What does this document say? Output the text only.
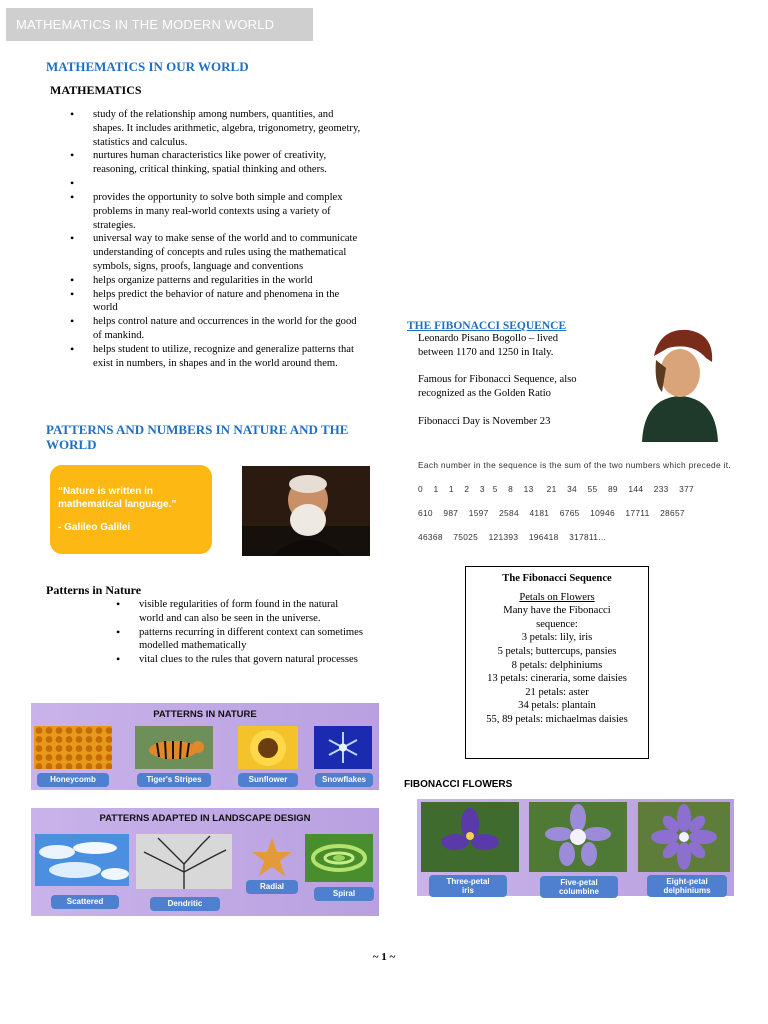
MATHEMATICS IN THE MODERN WORLD
MATHEMATICS IN OUR WORLD
MATHEMATICS
• study of the relationship among numbers, quantities, and shapes. It includes arithmetic, algebra, trigonometry, geometry, statistics and calculus.
• nurtures human characteristics like power of creativity, reasoning, critical thinking, spatial thinking and others.
•
• provides the opportunity to solve both simple and complex problems in many real-world contexts using a variety of strategies.
• universal way to make sense of the world and to communicate understanding of concepts and rules using the mathematical symbols, signs, proofs, language and conventions
• helps organize patterns and regularities in the world
• helps predict the behavior of nature and phenomena in the world
• helps control nature and occurrences in the world for the good of mankind.
• helps student to utilize, recognize and generalize patterns that exist in numbers, in shapes and in the world around them.
PATTERNS AND NUMBERS IN NATURE AND THE
WORLD
“Nature is written in mathematical language.”
- Galileo Galilei
Patterns in Nature
• visible regularities of form found in the natural world and can also be seen in the universe.
• patterns recurring in different context can sometimes modelled mathematically
• vital clues to the rules that govern natural processes
PATTERNS IN NATURE
Honeycomb	Tiger's Stripes	Sunflower	Snowflakes
PATTERNS ADAPTED IN LANDSCAPE DESIGN
Scattered	Dendritic
Radial
Spiral
THE FIBONACCI SEQUENCE
Leonardo Pisano Bogollo – lived
between 1170 and 1250 in Italy.
Famous for Fibonacci Sequence, also
recognized as the Golden Ratio
Fibonacci Day is November 23
Each number in the sequence is the sum of the two numbers which precede it.
0    1    1    2    3   5    8    13     21    34    55    89    144    233    377
610    987    1597    2584    4181    6765    10946    17711    28657
46368    75025    121393    196418    317811...
The Fibonacci Sequence
Petals on Flowers
Many have the Fibonacci
sequence:
3 petals: lily, iris
5 petals; buttercups, pansies
8 petals: delphiniums
13 petals: cineraria, some daisies
21 petals: aster
34 petals: plantain
55, 89 petals: michaelmas daisies
FIBONACCI FLOWERS
Three-petal
iris
Five-petal
columbine
Eight-petal
delphiniums
~ 1 ~
